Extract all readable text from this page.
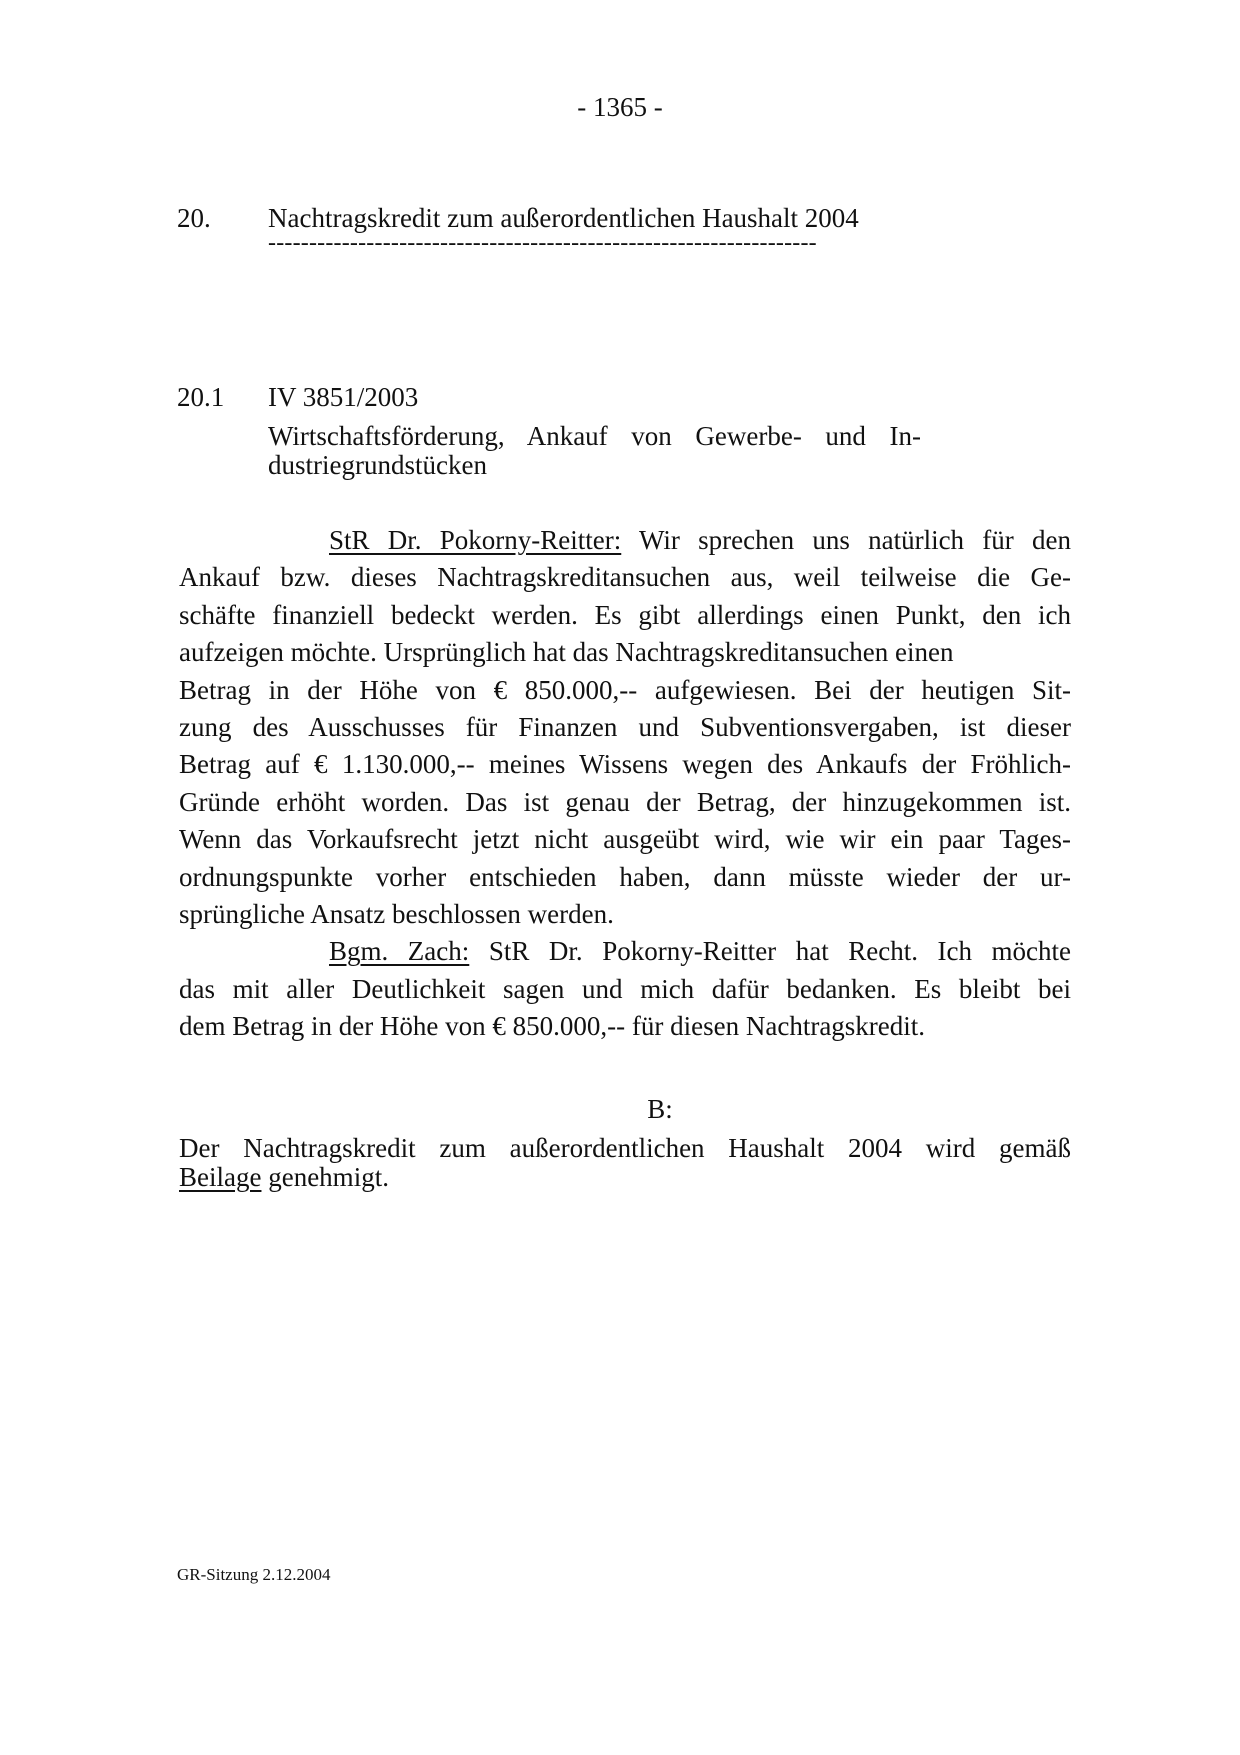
- 1365 -
20. Nachtragskredit zum außerordentlichen Haushalt 2004
-------------------------------------------------------------------
20.1 IV 3851/2003
Wirtschaftsförderung, Ankauf von Gewerbe- und In-
dustriegrundstücken
StR Dr. Pokorny-Reitter: Wir sprechen uns natürlich für den
Ankauf bzw. dieses Nachtragskreditansuchen aus, weil teilweise die Ge-
schäfte finanziell bedeckt werden. Es gibt allerdings einen Punkt, den ich
aufzeigen möchte. Ursprünglich hat das Nachtragskreditansuchen einen
Betrag in der Höhe von € 850.000,-- aufgewiesen. Bei der heutigen Sit-
zung des Ausschusses für Finanzen und Subventionsvergaben, ist dieser
Betrag auf € 1.130.000,-- meines Wissens wegen des Ankaufs der Fröhlich-
Gründe erhöht worden. Das ist genau der Betrag, der hinzugekommen ist.
Wenn das Vorkaufsrecht jetzt nicht ausgeübt wird, wie wir ein paar Tages-
ordnungspunkte vorher entschieden haben, dann müsste wieder der ur-
sprüngliche Ansatz beschlossen werden.
Bgm. Zach: StR Dr. Pokorny-Reitter hat Recht. Ich möchte
das mit aller Deutlichkeit sagen und mich dafür bedanken. Es bleibt bei
dem Betrag in der Höhe von € 850.000,-- für diesen Nachtragskredit.
B:
Der Nachtragskredit zum außerordentlichen Haushalt 2004 wird gemäß
Beilage genehmigt.
GR-Sitzung 2.12.2004
